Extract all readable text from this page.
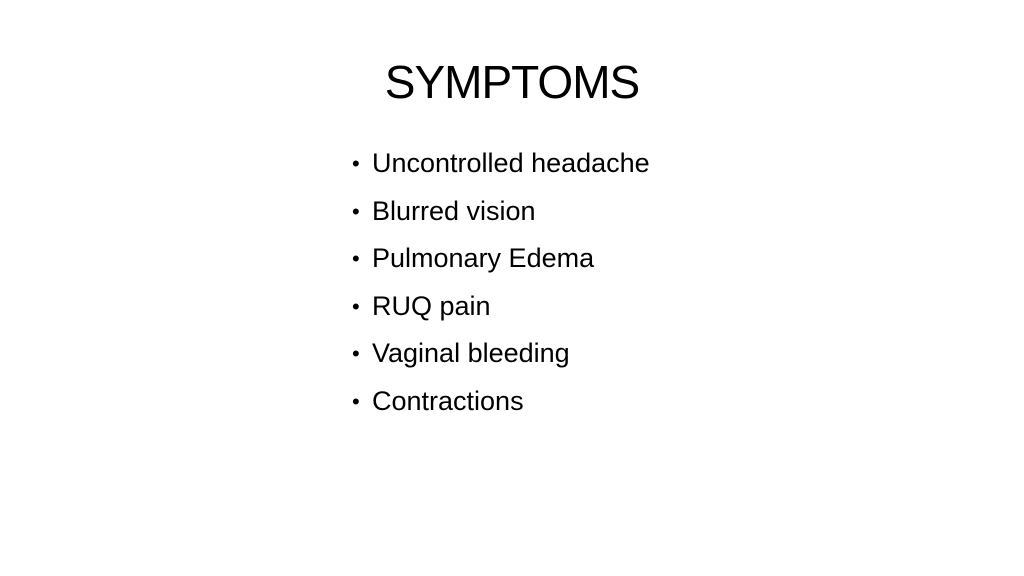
SYMPTOMS
• Uncontrolled headache
• Blurred vision
• Pulmonary Edema
• RUQ pain
• Vaginal bleeding
• Contractions
